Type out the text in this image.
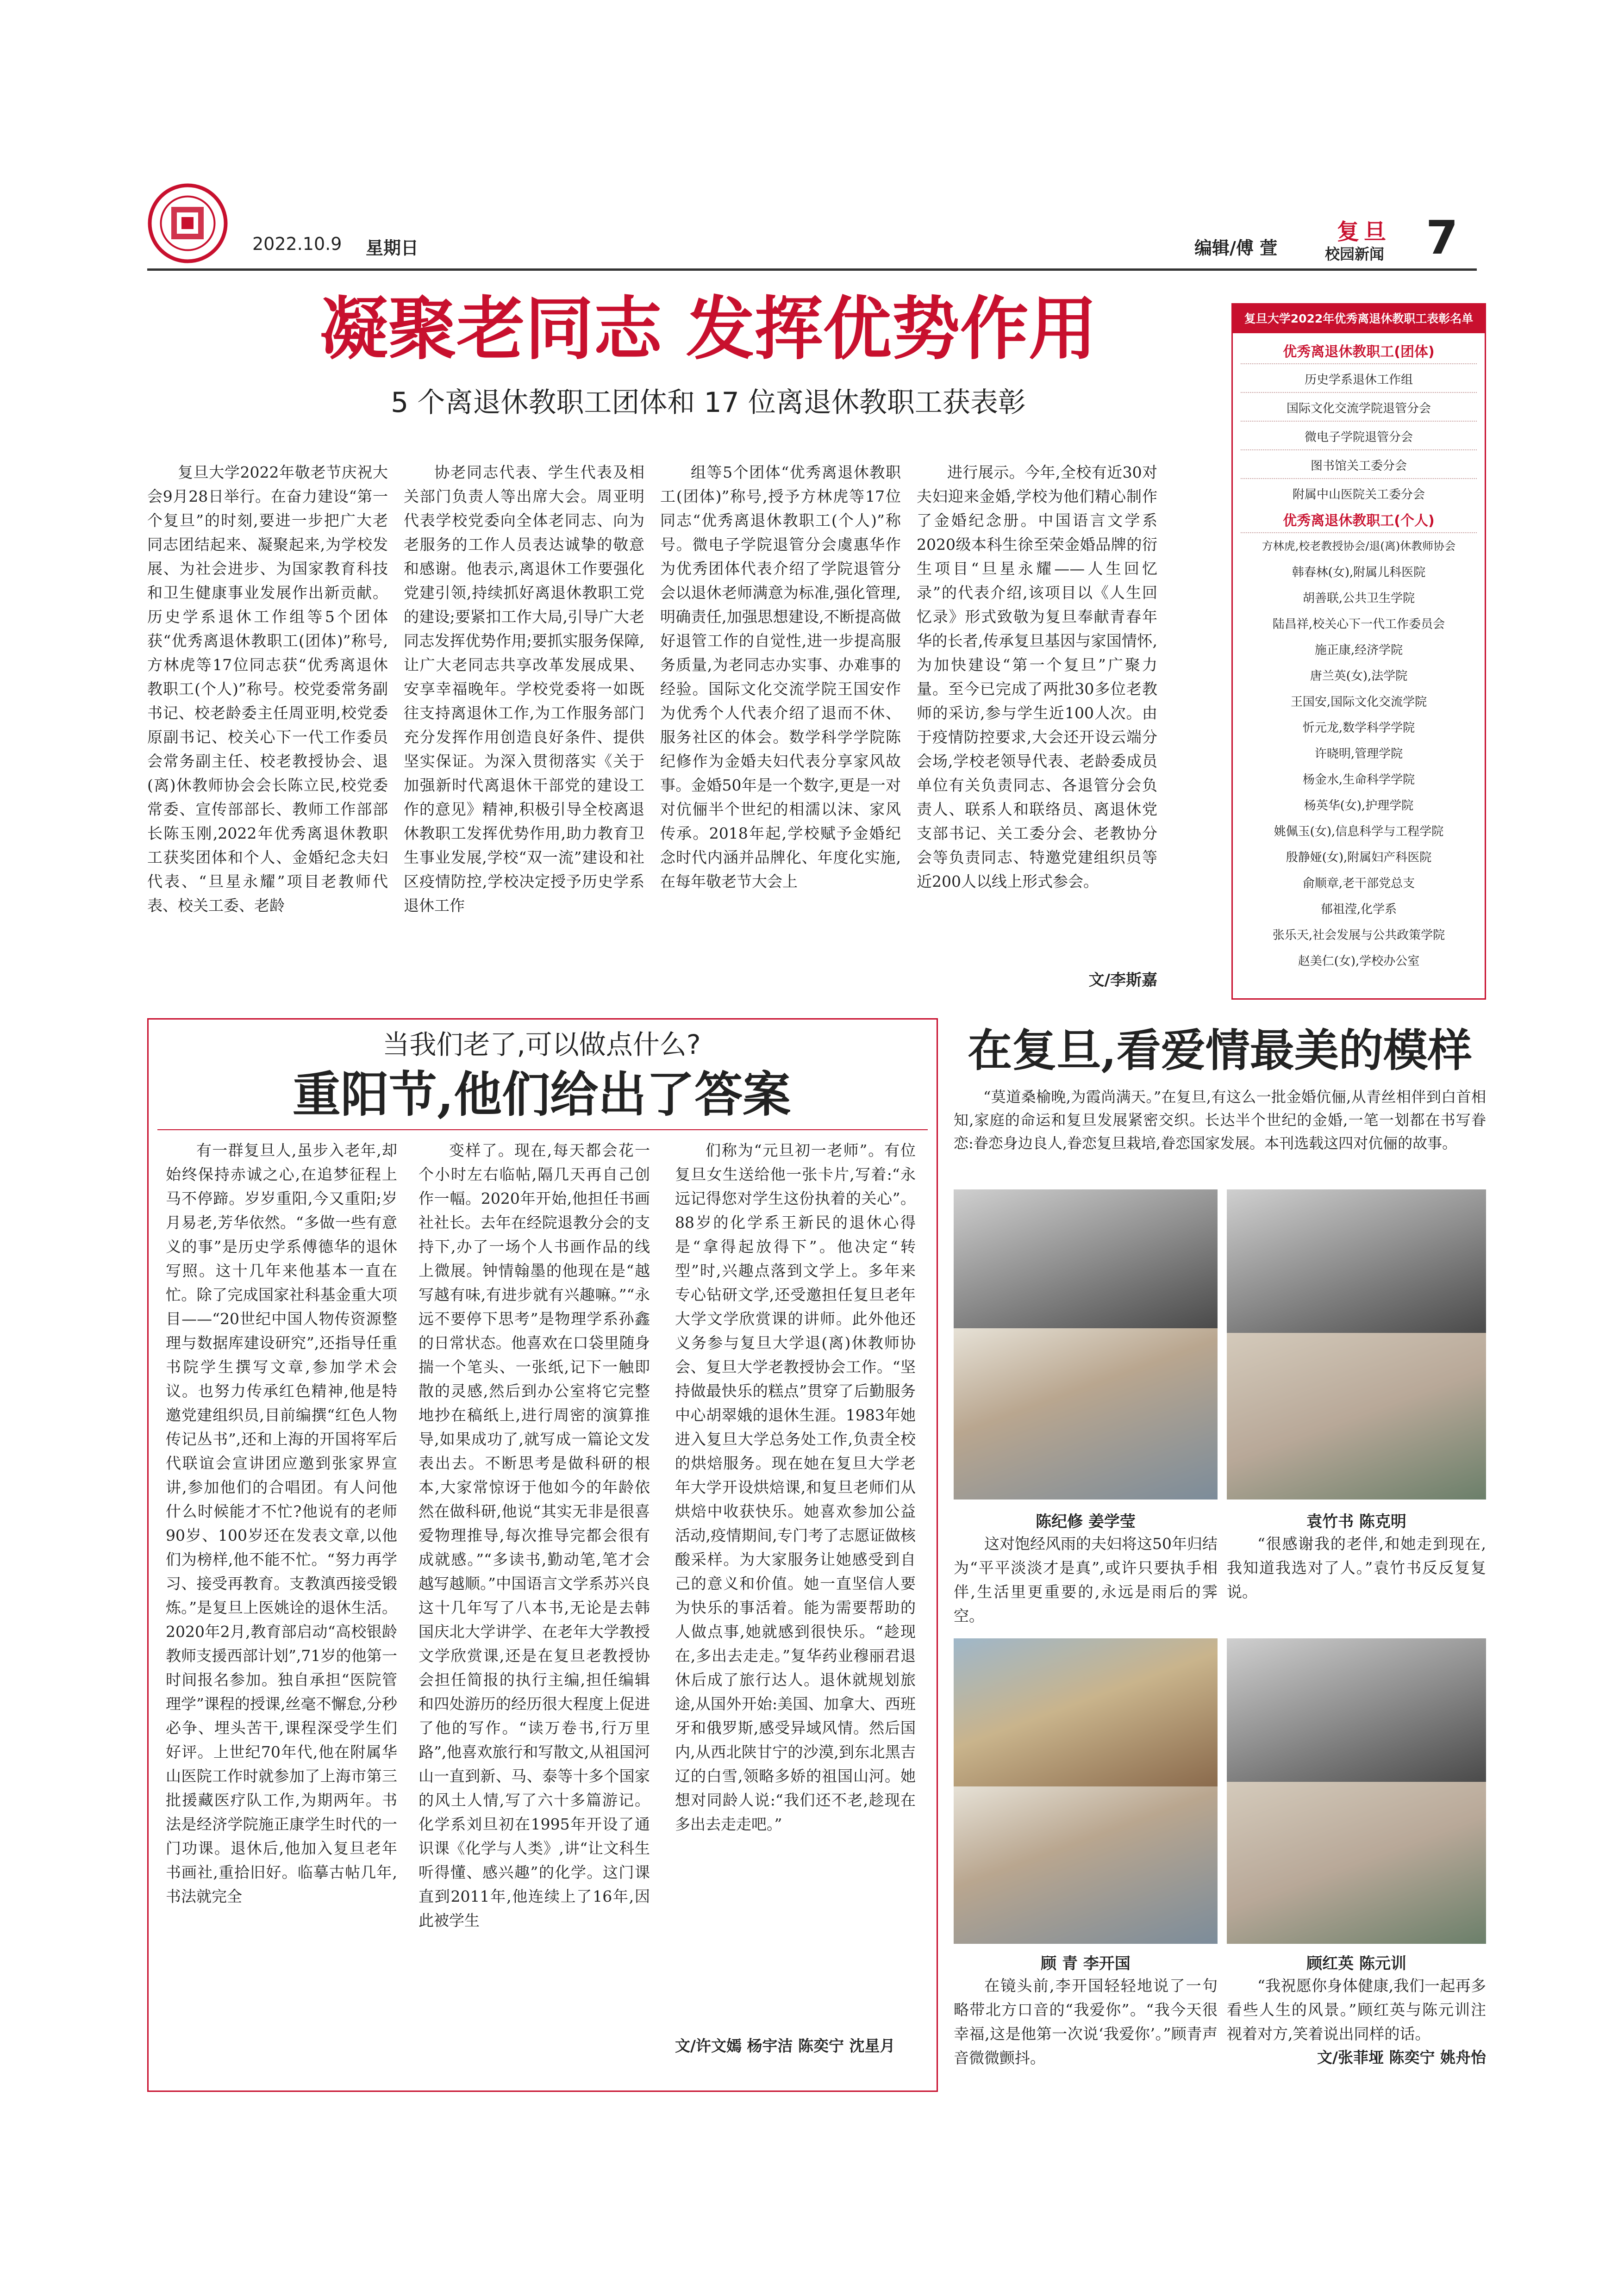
2022.10.9 星期日	编辑/傅 萱
复旦
校园新闻 7
凝聚老同志 发挥优势作用
5 个离退休教职工团体和 17 位离退休教职工获表彰

复旦大学2022年敬老节庆祝大会9月28日举行。在奋力建设“第一个复旦”的时刻,要进一步把广大老同志团结起来、凝聚起来,为学校发展、为社会进步、为国家教育科技和卫生健康事业发展作出新贡献。历史学系退休工作组等5个团体获“优秀离退休教职工(团体)”称号,方林虎等17位同志获“优秀离退休教职工(个人)”称号。校党委常务副书记、校老龄委主任周亚明,校党委原副书记、校关心下一代工作委员会常务副主任、校老教授协会、退(离)休教师协会会长陈立民,校党委常委、宣传部部长、教师工作部部长陈玉刚,2022年优秀离退休教职工获奖团体和个人、金婚纪念夫妇代表、“旦星永耀”项目老教师代表、校关工委、老龄

协老同志代表、学生代表及相关部门负责人等出席大会。周亚明代表学校党委向全体老同志、向为老服务的工作人员表达诚挚的敬意和感谢。他表示,离退休工作要强化党建引领,持续抓好离退休教职工党的建设;要紧扣工作大局,引导广大老同志发挥优势作用;要抓实服务保障,让广大老同志共享改革发展成果、安享幸福晚年。学校党委将一如既往支持离退休工作,为工作服务部门充分发挥作用创造良好条件、提供坚实保证。为深入贯彻落实《关于加强新时代离退休干部党的建设工作的意见》精神,积极引导全校离退休教职工发挥优势作用,助力教育卫生事业发展,学校“双一流”建设和社区疫情防控,学校决定授予历史学系退休工作

组等5个团体“优秀离退休教职工(团体)”称号,授予方林虎等17位同志“优秀离退休教职工(个人)”称号。微电子学院退管分会虞惠华作为优秀团体代表介绍了学院退管分会以退休老师满意为标准,强化管理,明确责任,加强思想建设,不断提高做好退管工作的自觉性,进一步提高服务质量,为老同志办实事、办难事的经验。国际文化交流学院王国安作为优秀个人代表介绍了退而不休、服务社区的体会。数学科学学院陈纪修作为金婚夫妇代表分享家风故事。金婚50年是一个数字,更是一对对伉俪半个世纪的相濡以沫、家风传承。2018年起,学校赋予金婚纪念时代内涵并品牌化、年度化实施,在每年敬老节大会上

进行展示。今年,全校有近30对夫妇迎来金婚,学校为他们精心制作了金婚纪念册。中国语言文学系2020级本科生徐至荣金婚品牌的衍生项目“旦星永耀——人生回忆录”的代表介绍,该项目以《人生回忆录》形式致敬为复旦奉献青春年华的长者,传承复旦基因与家国情怀,为加快建设“第一个复旦”广聚力量。至今已完成了两批30多位老教师的采访,参与学生近100人次。由于疫情防控要求,大会还开设云端分会场,学校老领导代表、老龄委成员单位有关负责同志、各退管分会负责人、联系人和联络员、离退休党支部书记、关工委分会、老教协分会等负责同志、特邀党建组织员等近200人以线上形式参会。

文/李斯嘉
复旦大学2022年优秀离退休教职工表彰名单
优秀离退休教职工(团体)
历史学系退休工作组
国际文化交流学院退管分会
微电子学院退管分会
图书馆关工委分会
附属中山医院关工委分会
优秀离退休教职工(个人)
方林虎,校老教授协会/退(离)休教师协会
韩春林(女),附属儿科医院
胡善联,公共卫生学院
陆昌祥,校关心下一代工作委员会
施正康,经济学院
唐兰英(女),法学院
王国安,国际文化交流学院
忻元龙,数学科学学院
许晓明,管理学院
杨金水,生命科学学院
杨英华(女),护理学院
姚佩玉(女),信息科学与工程学院
殷静娅(女),附属妇产科医院
俞顺章,老干部党总支
郁祖滢,化学系
张乐天,社会发展与公共政策学院
赵美仁(女),学校办公室
当我们老了,可以做点什么?
重阳节,他们给出了答案

有一群复旦人,虽步入老年,却始终保持赤诚之心,在追梦征程上马不停蹄。岁岁重阳,今又重阳;岁月易老,芳华依然。“多做一些有意义的事”是历史学系傅德华的退休写照。这十几年来他基本一直在忙。除了完成国家社科基金重大项目——“20世纪中国人物传资源整理与数据库建设研究”,还指导任重书院学生撰写文章,参加学术会议。也努力传承红色精神,他是特邀党建组织员,目前编撰“红色人物传记丛书”,还和上海的开国将军后代联谊会宣讲团应邀到张家界宣讲,参加他们的合唱团。有人问他什么时候能才不忙?他说有的老师90岁、100岁还在发表文章,以他们为榜样,他不能不忙。“努力再学习、接受再教育。支教滇西接受锻炼。”是复旦上医姚诠的退休生活。2020年2月,教育部启动“高校银龄教师支援西部计划”,71岁的他第一时间报名参加。独自承担“医院管理学”课程的授课,丝毫不懈怠,分秒必争、埋头苦干,课程深受学生们好评。上世纪70年代,他在附属华山医院工作时就参加了上海市第三批援藏医疗队工作,为期两年。书法是经济学院施正康学生时代的一门功课。退休后,他加入复旦老年书画社,重拾旧好。临摹古帖几年,书法就完全

变样了。现在,每天都会花一个小时左右临帖,隔几天再自己创作一幅。2020年开始,他担任书画社社长。去年在经院退教分会的支持下,办了一场个人书画作品的线上微展。钟情翰墨的他现在是“越写越有味,有进步就有兴趣嘛。”“永远不要停下思考”是物理学系孙鑫的日常状态。他喜欢在口袋里随身揣一个笔头、一张纸,记下一触即散的灵感,然后到办公室将它完整地抄在稿纸上,进行周密的演算推导,如果成功了,就写成一篇论文发表出去。不断思考是做科研的根本,大家常惊讶于他如今的年龄依然在做科研,他说“其实无非是很喜爱物理推导,每次推导完都会很有成就感。”“多读书,勤动笔,笔才会越写越顺。”中国语言文学系苏兴良这十几年写了八本书,无论是去韩国庆北大学讲学、在老年大学教授文学欣赏课,还是在复旦老教授协会担任简报的执行主编,担任编辑和四处游历的经历很大程度上促进了他的写作。“读万卷书,行万里路”,他喜欢旅行和写散文,从祖国河山一直到新、马、泰等十多个国家的风土人情,写了六十多篇游记。化学系刘旦初在1995年开设了通识课《化学与人类》,讲“让文科生听得懂、感兴趣”的化学。这门课直到2011年,他连续上了16年,因此被学生

们称为“元旦初一老师”。有位复旦女生送给他一张卡片,写着:“永远记得您对学生这份执着的关心”。88岁的化学系王新民的退休心得是“拿得起放得下”。他决定“转型”时,兴趣点落到文学上。多年来专心钻研文学,还受邀担任复旦老年大学文学欣赏课的讲师。此外他还义务参与复旦大学退(离)休教师协会、复旦大学老教授协会工作。“坚持做最快乐的糕点”贯穿了后勤服务中心胡翠娥的退休生涯。1983年她进入复旦大学总务处工作,负责全校的烘焙服务。现在她在复旦大学老年大学开设烘焙课,和复旦老师们从烘焙中收获快乐。她喜欢参加公益活动,疫情期间,专门考了志愿证做核酸采样。为大家服务让她感受到自己的意义和价值。她一直坚信人要为快乐的事活着。能为需要帮助的人做点事,她就感到很快乐。“趁现在,多出去走走。”复华药业穆丽君退休后成了旅行达人。退休就规划旅途,从国外开始:美国、加拿大、西班牙和俄罗斯,感受异域风情。然后国内,从西北陕甘宁的沙漠,到东北黑吉辽的白雪,领略多娇的祖国山河。她想对同龄人说:“我们还不老,趁现在多出去走走吧。”

文/许文嫣 杨宇洁 陈奕宁 沈星月
在复旦,看爱情最美的模样

“莫道桑榆晚,为霞尚满天。”在复旦,有这么一批金婚伉俪,从青丝相伴到白首相知,家庭的命运和复旦发展紧密交织。长达半个世纪的金婚,一笔一划都在书写眷恋:眷恋身边良人,眷恋复旦栽培,眷恋国家发展。本刊选载这四对伉俪的故事。

陈纪修 姜学莹

这对饱经风雨的夫妇将这50年归结为“平平淡淡才是真”,或许只要执手相伴,生活里更重要的,永远是雨后的霁空。

袁竹书 陈克明

“很感谢我的老伴,和她走到现在,我知道我选对了人。”袁竹书反反复复说。

顾 青 李开国

在镜头前,李开国轻轻地说了一句略带北方口音的“我爱你”。“我今天很幸福,这是他第一次说‘我爱你’。”顾青声音微微颤抖。

顾红英 陈元训

“我祝愿你身体健康,我们一起再多看些人生的风景。”顾红英与陈元训注视着对方,笑着说出同样的话。

文/张菲垭 陈奕宁 姚舟怡
